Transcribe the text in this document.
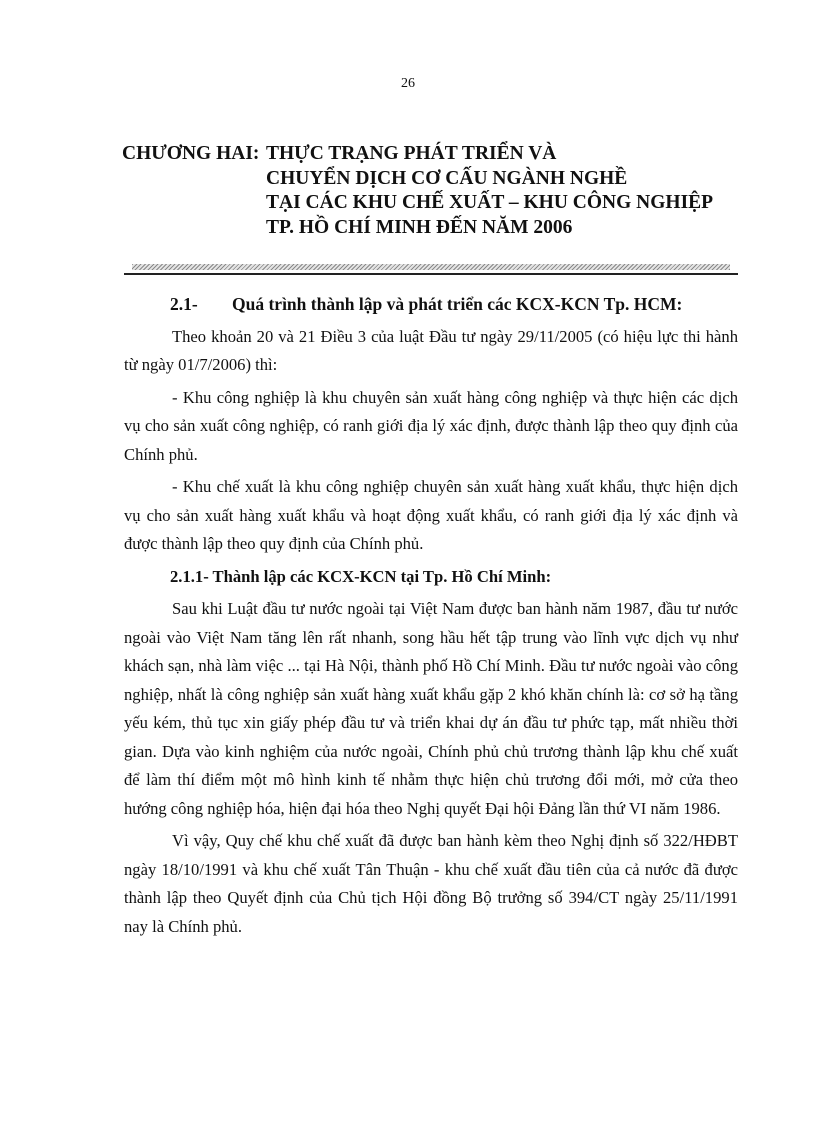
26
CHƯƠNG HAI: THỰC TRẠNG PHÁT TRIỂN VÀ
CHUYỂN DỊCH CƠ CẤU NGÀNH NGHỀ
TẠI CÁC KHU CHẾ XUẤT – KHU CÔNG NGHIỆP
TP. HỒ CHÍ MINH ĐẾN NĂM 2006
2.1- Quá trình thành lập và phát triển các KCX-KCN Tp. HCM:

Theo khoản 20 và 21 Điều 3 của luật Đầu tư ngày 29/11/2005 (có hiệu lực thi hành từ ngày 01/7/2006) thì:

- Khu công nghiệp là khu chuyên sản xuất hàng công nghiệp và thực hiện các dịch vụ cho sản xuất công nghiệp, có ranh giới địa lý xác định, được thành lập theo quy định của Chính phủ.

- Khu chế xuất là khu công nghiệp chuyên sản xuất hàng xuất khẩu, thực hiện dịch vụ cho sản xuất hàng xuất khẩu và hoạt động xuất khẩu, có ranh giới địa lý xác định và được thành lập theo quy định của Chính phủ.

2.1.1- Thành lập các KCX-KCN tại Tp. Hồ Chí Minh:

Sau khi Luật đầu tư nước ngoài tại Việt Nam được ban hành năm 1987, đầu tư nước ngoài vào Việt Nam tăng lên rất nhanh, song hầu hết tập trung vào lĩnh vực dịch vụ như khách sạn, nhà làm việc ... tại Hà Nội, thành phố Hồ Chí Minh. Đầu tư nước ngoài vào công nghiệp, nhất là công nghiệp sản xuất hàng xuất khẩu gặp 2 khó khăn chính là: cơ sở hạ tầng yếu kém, thủ tục xin giấy phép đầu tư và triển khai dự án đầu tư phức tạp, mất nhiều thời gian. Dựa vào kinh nghiệm của nước ngoài, Chính phủ chủ trương thành lập khu chế xuất để làm thí điểm một mô hình kinh tế nhằm thực hiện chủ trương đổi mới, mở cửa theo hướng công nghiệp hóa, hiện đại hóa theo Nghị quyết Đại hội Đảng lần thứ VI năm 1986.

Vì vậy, Quy chế khu chế xuất đã được ban hành kèm theo Nghị định số 322/HĐBT ngày 18/10/1991 và khu chế xuất Tân Thuận - khu chế xuất đầu tiên của cả nước đã được thành lập theo Quyết định của Chủ tịch Hội đồng Bộ trưởng số 394/CT ngày 25/11/1991 nay là Chính phủ.
